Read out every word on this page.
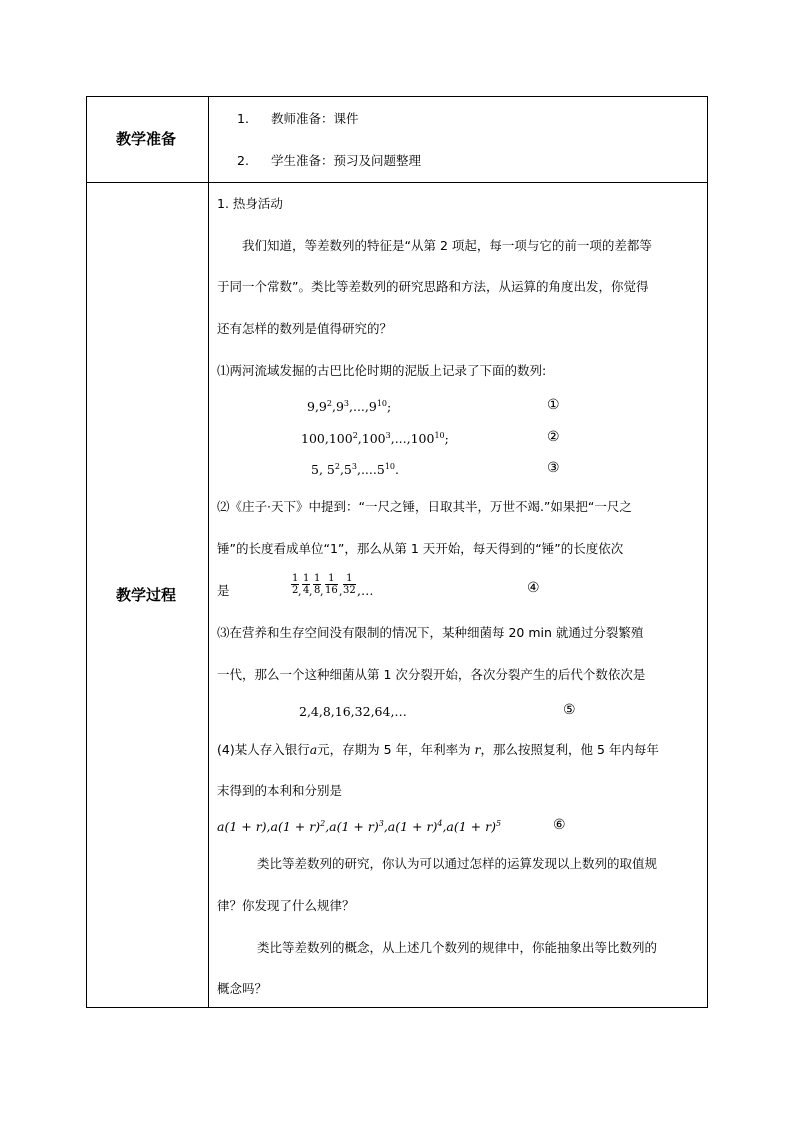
教学准备
1. 教师准备：课件
2. 学生准备：预习及问题整理
教学过程
1. 热身活动
我们知道，等差数列的特征是“从第 2 项起，每一项与它的前一项的差都等
于同一个常数”。类比等差数列的研究思路和方法，从运算的角度出发，你觉得
还有怎样的数列是值得研究的？
⑴两河流域发掘的古巴比伦时期的泥版上记录了下面的数列:
$9,9^2,9^3,...,9^{10}$;	①
100,100$^2$,100$^3$,...,100$^{10}$;	②
5, $5^2,5^3,....5^{10}$.	③
⑵《庄子·天下》中提到：“一尺之锤，日取其半，万世不竭.”如果把“一尺之
锤”的长度看成单位“1”，那么从第 1 天开始，每天得到的“锤”的长度依次
是	$\frac{1}{2}$
, $\frac{1}{4}$
, $\frac{1}{8}$
, $\frac{1}{16}$ , $\frac{1}{32}$ ,…	④
⑶在营养和生存空间没有限制的情况下，某种细菌每 20 min 就通过分裂繁殖
一代，那么一个这种细菌从第 1 次分裂开始，各次分裂产生的后代个数依次是
2,4,8,16,32,64,…	⑤
(4)某人存入银行a元，存期为 5 年，年利率为 r，那么按照复利，他 5 年内每年
末得到的本利和分别是
$a(1 + r),a(1 + r)^2,a(1 + r)^3,a(1 + r)^4,a(1 + r)^5$	⑥
类比等差数列的研究，你认为可以通过怎样的运算发现以上数列的取值规
律？你发现了什么规律？
类比等差数列的概念，从上述几个数列的规律中，你能抽象出等比数列的
概念吗？
